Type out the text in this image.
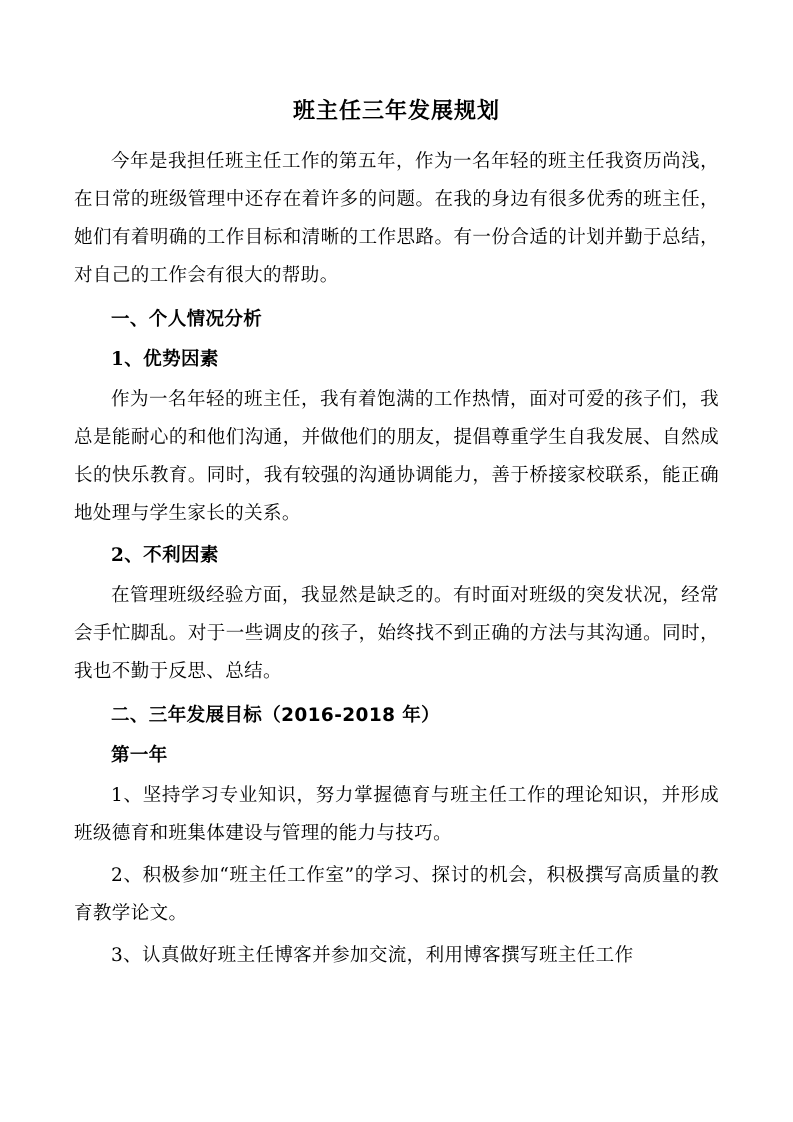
班主任三年发展规划

今年是我担任班主任工作的第五年，作为一名年轻的班主任我资历尚浅，在日常的班级管理中还存在着许多的问题。在我的身边有很多优秀的班主任，她们有着明确的工作目标和清晰的工作思路。有一份合适的计划并勤于总结，对自己的工作会有很大的帮助。

一、个人情况分析

1、优势因素

作为一名年轻的班主任，我有着饱满的工作热情，面对可爱的孩子们，我总是能耐心的和他们沟通，并做他们的朋友，提倡尊重学生自我发展、自然成长的快乐教育。同时，我有较强的沟通协调能力，善于桥接家校联系，能正确地处理与学生家长的关系。

2、不利因素

在管理班级经验方面，我显然是缺乏的。有时面对班级的突发状况，经常会手忙脚乱。对于一些调皮的孩子，始终找不到正确的方法与其沟通。同时，我也不勤于反思、总结。

二、三年发展目标（2016-2018 年）

第一年

1、坚持学习专业知识，努力掌握德育与班主任工作的理论知识，并形成班级德育和班集体建设与管理的能力与技巧。

2、积极参加“班主任工作室”的学习、探讨的机会，积极撰写高质量的教育教学论文。

3、认真做好班主任博客并参加交流，利用博客撰写班主任工作
